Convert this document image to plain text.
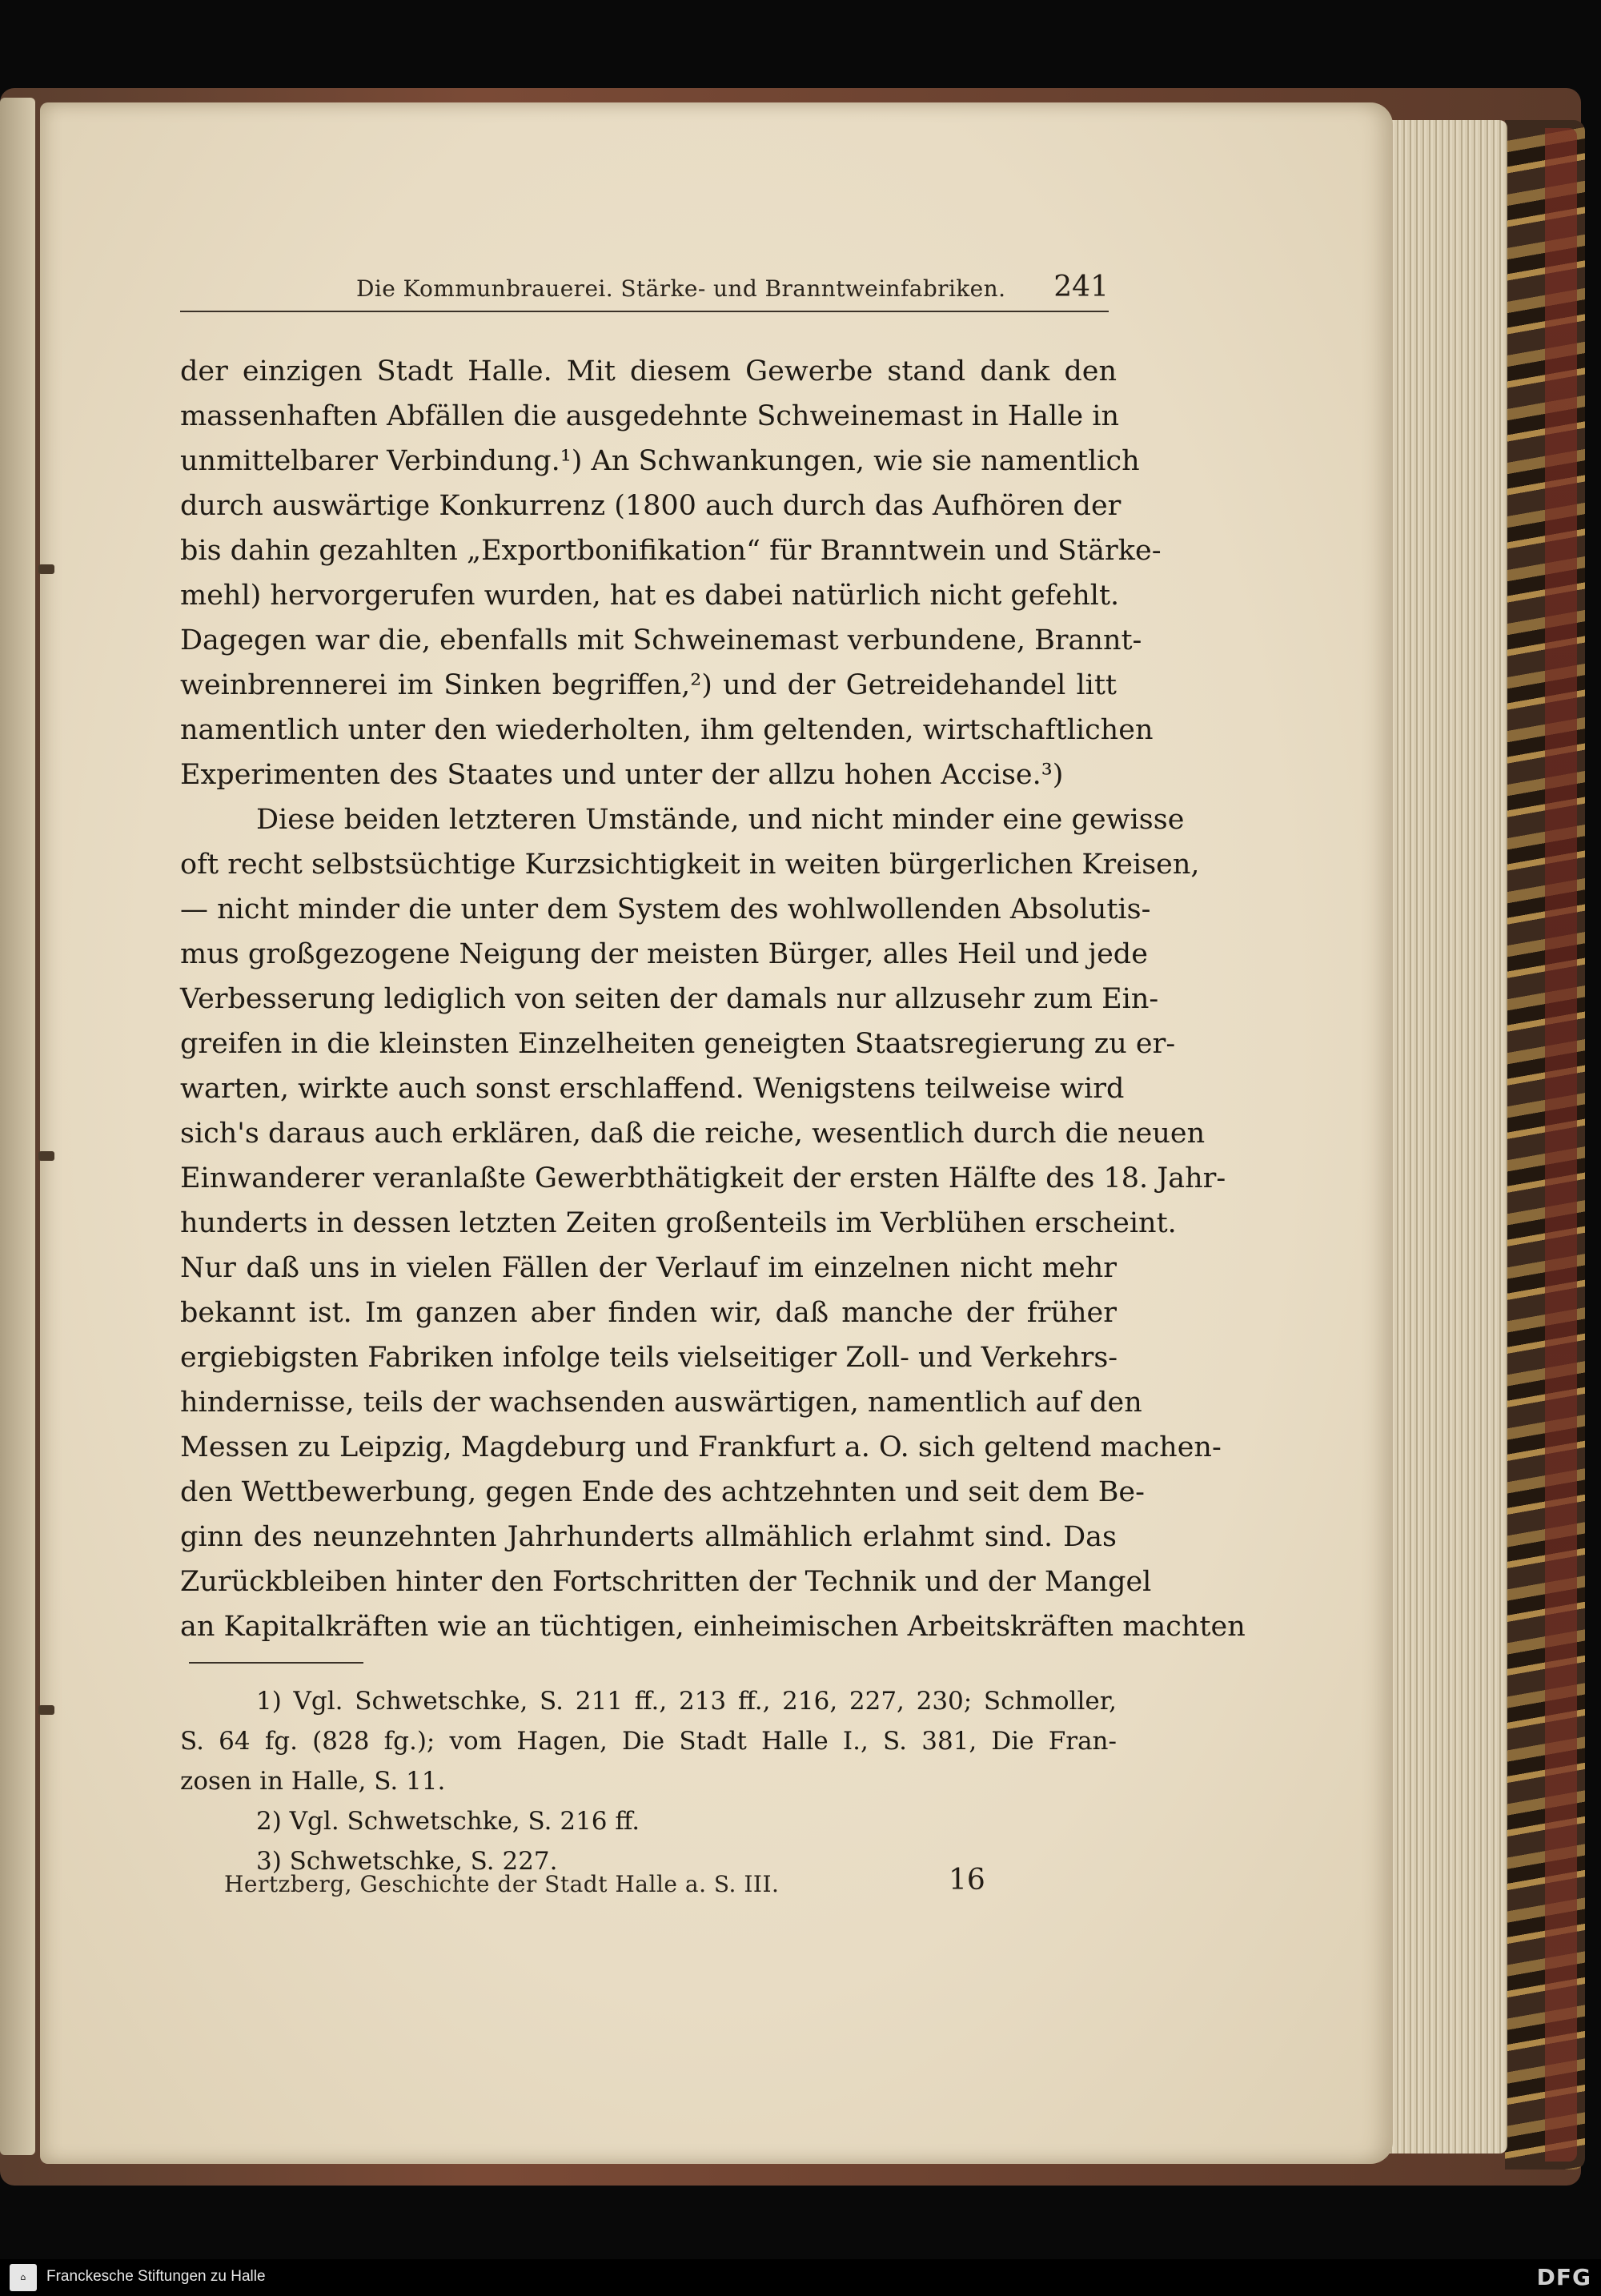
Die Kommunbrauerei. Stärke- und Branntweinfabriken. 241
der einzigen Stadt Halle. Mit diesem Gewerbe stand dank den
massenhaften Abfällen die ausgedehnte Schweinemast in Halle in
unmittelbarer Verbindung.¹) An Schwankungen, wie sie namentlich
durch auswärtige Konkurrenz (1800 auch durch das Aufhören der
bis dahin gezahlten „Exportbonifikation“ für Branntwein und Stärke-
mehl) hervorgerufen wurden, hat es dabei natürlich nicht gefehlt.
Dagegen war die, ebenfalls mit Schweinemast verbundene, Brannt-
weinbrennerei im Sinken begriffen,²) und der Getreidehandel litt
namentlich unter den wiederholten, ihm geltenden, wirtschaftlichen
Experimenten des Staates und unter der allzu hohen Accise.³)
Diese beiden letzteren Umstände, und nicht minder eine gewisse
oft recht selbstsüchtige Kurzsichtigkeit in weiten bürgerlichen Kreisen,
— nicht minder die unter dem System des wohlwollenden Absolutis-
mus großgezogene Neigung der meisten Bürger, alles Heil und jede
Verbesserung lediglich von seiten der damals nur allzusehr zum Ein-
greifen in die kleinsten Einzelheiten geneigten Staatsregierung zu er-
warten, wirkte auch sonst erschlaffend. Wenigstens teilweise wird
sich's daraus auch erklären, daß die reiche, wesentlich durch die neuen
Einwanderer veranlaßte Gewerbthätigkeit der ersten Hälfte des 18. Jahr-
hunderts in dessen letzten Zeiten großenteils im Verblühen erscheint.
Nur daß uns in vielen Fällen der Verlauf im einzelnen nicht mehr
bekannt ist. Im ganzen aber finden wir, daß manche der früher
ergiebigsten Fabriken infolge teils vielseitiger Zoll- und Verkehrs-
hindernisse, teils der wachsenden auswärtigen, namentlich auf den
Messen zu Leipzig, Magdeburg und Frankfurt a. O. sich geltend machen-
den Wettbewerbung, gegen Ende des achtzehnten und seit dem Be-
ginn des neunzehnten Jahrhunderts allmählich erlahmt sind. Das
Zurückbleiben hinter den Fortschritten der Technik und der Mangel
an Kapitalkräften wie an tüchtigen, einheimischen Arbeitskräften machten
1) Vgl. Schwetschke, S. 211 ff., 213 ff., 216, 227, 230; Schmoller,
S. 64 fg. (828 fg.); vom Hagen, Die Stadt Halle I., S. 381, Die Fran-
zosen in Halle, S. 11.
2) Vgl. Schwetschke, S. 216 ff.
3) Schwetschke, S. 227.
Hertzberg, Geschichte der Stadt Halle a. S. III.	16
⌂	Franckesche Stiftungen zu Halle	DFG
